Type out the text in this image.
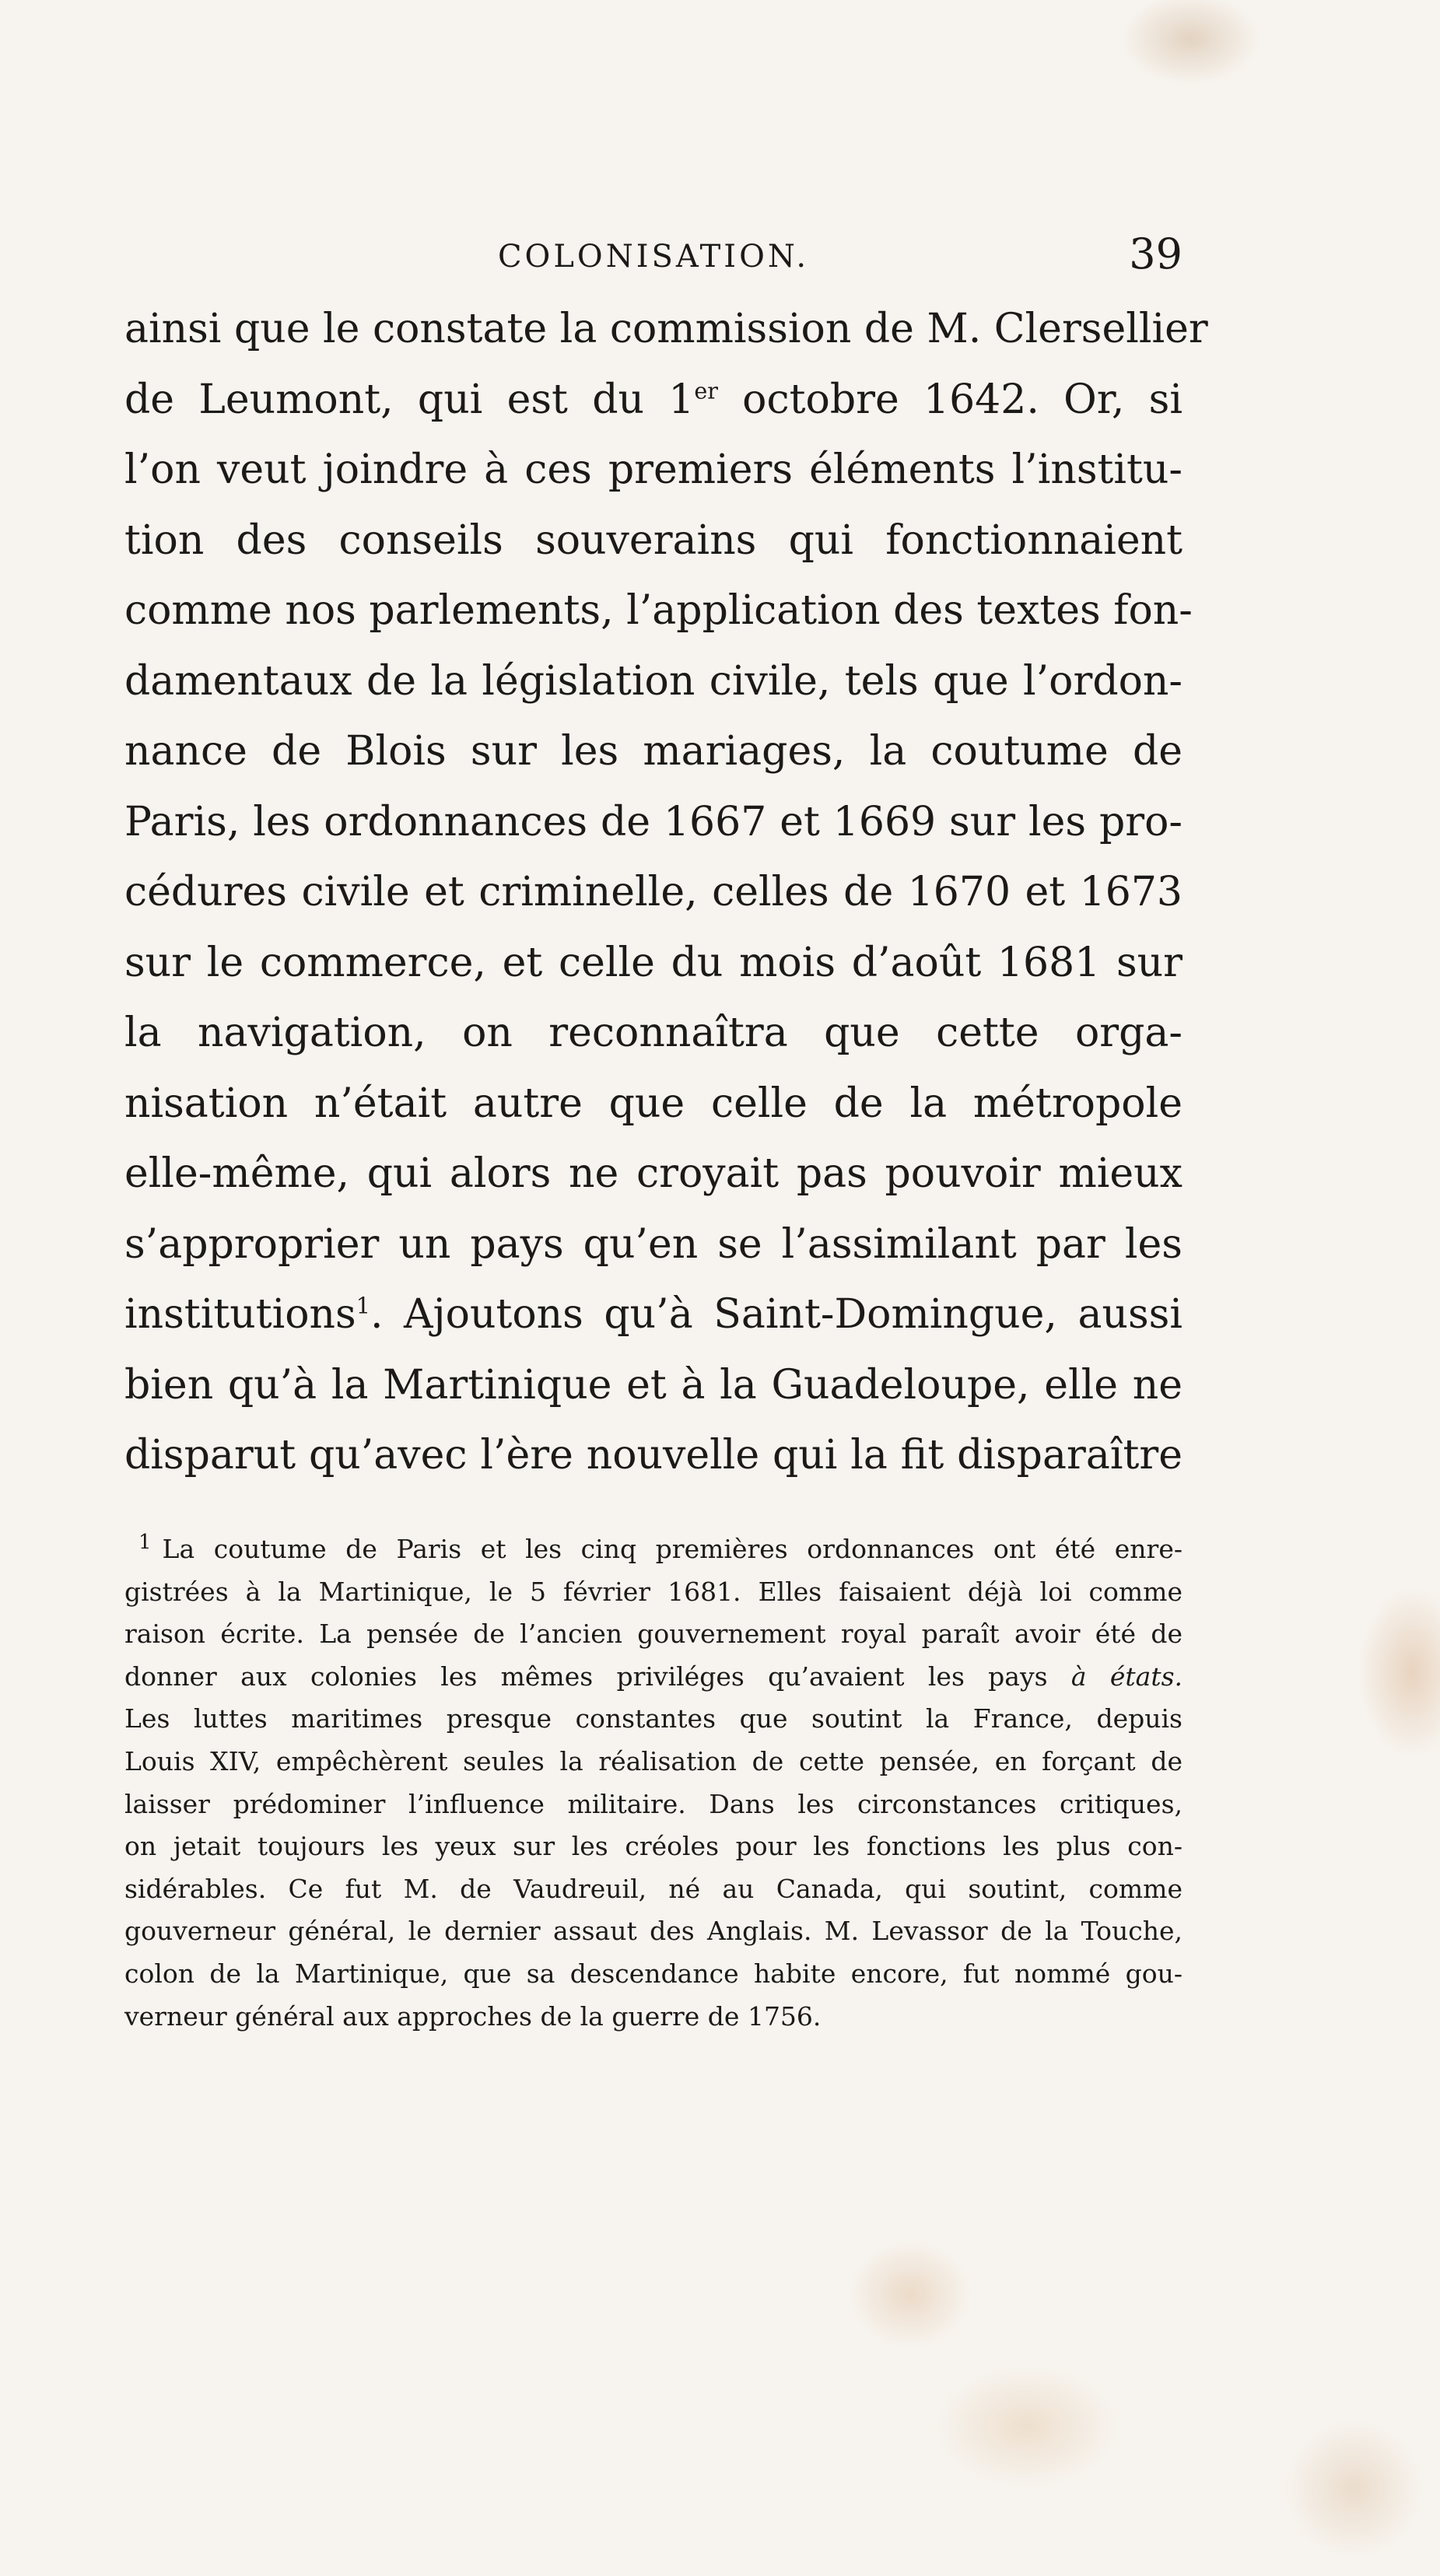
COLONISATION.	39
ainsi que le constate la commission de M. Clersellier
de Leumont, qui est du 1er octobre 1642. Or, si
l’on veut joindre à ces premiers éléments l’institu-
tion des conseils souverains qui fonctionnaient
comme nos parlements, l’application des textes fon-
damentaux de la législation civile, tels que l’ordon-
nance de Blois sur les mariages, la coutume de
Paris, les ordonnances de 1667 et 1669 sur les pro-
cédures civile et criminelle, celles de 1670 et 1673
sur le commerce, et celle du mois d’août 1681 sur
la navigation, on reconnaîtra que cette orga-
nisation n’était autre que celle de la métropole
elle-même, qui alors ne croyait pas pouvoir mieux
s’approprier un pays qu’en se l’assimilant par les
institutions$^1$. Ajoutons qu’à Saint-Domingue, aussi
bien qu’à la Martinique et à la Guadeloupe, elle ne
disparut qu’avec l’ère nouvelle qui la fit disparaître
$^1$ La coutume de Paris et les cinq premières ordonnances ont été enre-
gistrées à la Martinique, le 5 février 1681. Elles faisaient déjà loi comme
raison écrite. La pensée de l’ancien gouvernement royal paraît avoir été de
donner aux colonies les mêmes priviléges qu’avaient les pays à états.
Les luttes maritimes presque constantes que soutint la France, depuis
Louis XIV, empêchèrent seules la réalisation de cette pensée, en forçant de
laisser prédominer l’influence militaire. Dans les circonstances critiques,
on jetait toujours les yeux sur les créoles pour les fonctions les plus con-
sidérables. Ce fut M. de Vaudreuil, né au Canada, qui soutint, comme
gouverneur général, le dernier assaut des Anglais. M. Levassor de la Touche,
colon de la Martinique, que sa descendance habite encore, fut nommé gou-
verneur général aux approches de la guerre de 1756.
